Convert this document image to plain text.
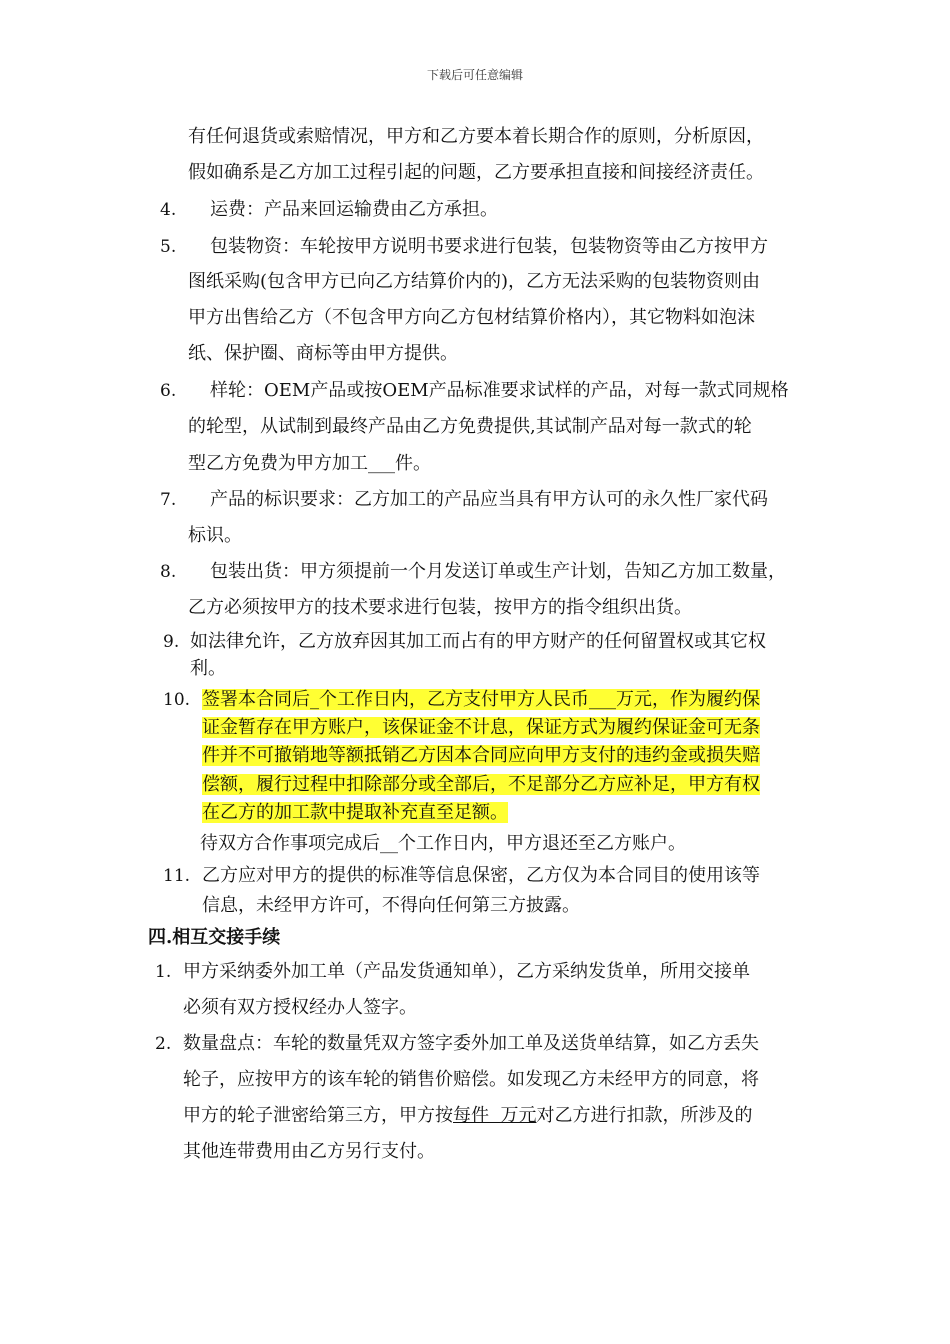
下载后可任意编辑
有任何退货或索赔情况，甲方和乙方要本着长期合作的原则，分析原因，
假如确系是乙方加工过程引起的问题，乙方要承担直接和间接经济责任。
4. 运费：产品来回运输费由乙方承担。
5. 包装物资：车轮按甲方说明书要求进行包装，包装物资等由乙方按甲方
图纸采购(包含甲方已向乙方结算价内的)，乙方无法采购的包装物资则由
甲方出售给乙方（不包含甲方向乙方包材结算价格内），其它物料如泡沫
纸、保护圈、商标等由甲方提供。
6. 样轮：OEM产品或按OEM产品标准要求试样的产品，对每一款式同规格
的轮型，从试制到最终产品由乙方免费提供,其试制产品对每一款式的轮
型乙方免费为甲方加工___件。
7. 产品的标识要求：乙方加工的产品应当具有甲方认可的永久性厂家代码
标识。
8. 包装出货：甲方须提前一个月发送订单或生产计划，告知乙方加工数量，
乙方必须按甲方的技术要求进行包装，按甲方的指令组织出货。
9. 如法律允许，乙方放弃因其加工而占有的甲方财产的任何留置权或其它权
利。
10. 签署本合同后_个工作日内，乙方支付甲方人民币___万元，作为履约保
证金暂存在甲方账户，该保证金不计息，保证方式为履约保证金可无条
件并不可撤销地等额抵销乙方因本合同应向甲方支付的违约金或损失赔
偿额，履行过程中扣除部分或全部后，不足部分乙方应补足，甲方有权
在乙方的加工款中提取补充直至足额。
待双方合作事项完成后__个工作日内，甲方退还至乙方账户。
11. 乙方应对甲方的提供的标准等信息保密，乙方仅为本合同目的使用该等
信息，未经甲方许可，不得向任何第三方披露。
四.相互交接手续
1. 甲方采纳委外加工单（产品发货通知单），乙方采纳发货单，所用交接单
必须有双方授权经办人签字。
2. 数量盘点：车轮的数量凭双方签字委外加工单及送货单结算，如乙方丢失
轮子，应按甲方的该车轮的销售价赔偿。如发现乙方未经甲方的同意，将
甲方的轮子泄密给第三方，甲方按每件  万元对乙方进行扣款，所涉及的
其他连带费用由乙方另行支付。
